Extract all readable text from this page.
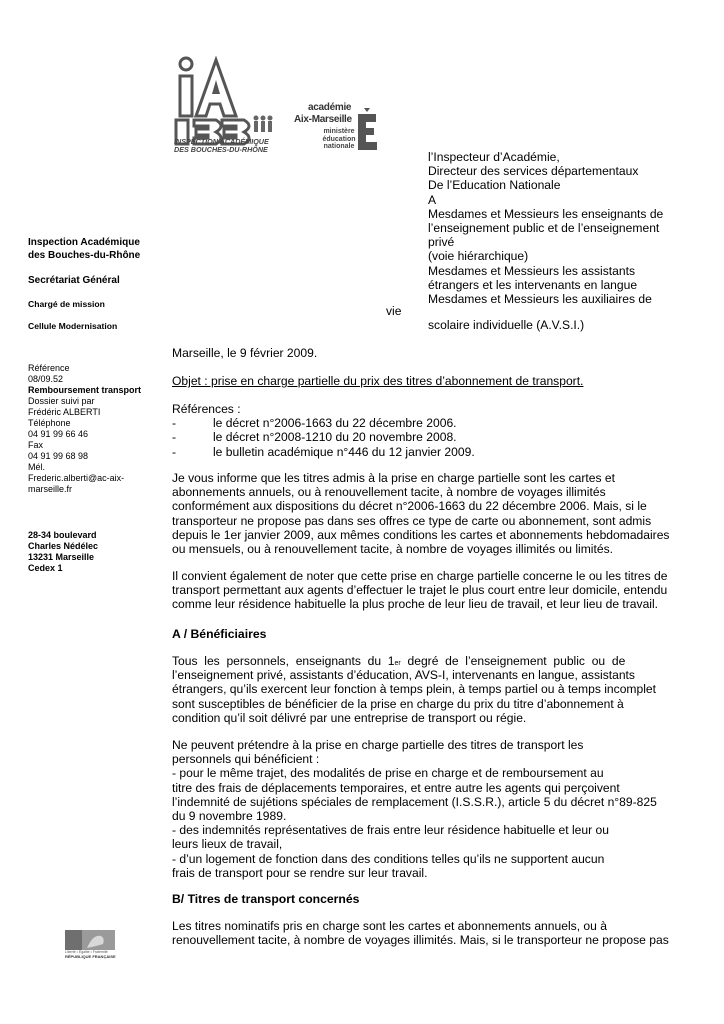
INSPECTION ACADÉMIQUE DES BOUCHES-DU-RHÔNE
académie
Aix-Marseille
ministère éducation nationale
Liberté • Égalité • Fraternité
RÉPUBLIQUE FRANÇAISE
l’Inspecteur d’Académie,
Directeur des services départementaux
De l’Education Nationale
A
Mesdames et Messieurs les enseignants de
l’enseignement public et de l’enseignement
privé
(voie hiérarchique)
Mesdames et Messieurs les assistants
étrangers et les intervenants en langue
Mesdames et Messieurs les auxiliaires de
vie
scolaire individuelle (A.V.S.I.)
Inspection Académique
des Bouches-du-Rhône
Secrétariat Général
Chargé de mission
Cellule Modernisation
Référence
08/09.52
Remboursement transport
Dossier suivi par
Frédéric ALBERTI
Téléphone
04 91 99 66 46
Fax
04 91 99 68 98
Mél.
Frederic.alberti@ac-aix-
marseille.fr
28-34 boulevard
Charles Nédélec
13231 Marseille
Cedex 1
Marseille, le 9 février 2009.
Objet : prise en charge partielle du prix des titres d’abonnement de transport.
Références :
-	le décret n°2006-1663 du 22 décembre 2006.
-	le décret n°2008-1210 du 20 novembre 2008.
-	le bulletin académique n°446 du 12 janvier 2009.
Je vous informe que les titres admis à la prise en charge partielle sont les cartes et
abonnements annuels, ou à renouvellement tacite, à nombre de voyages illimités
conformément aux dispositions du décret n°2006-1663 du 22 décembre 2006. Mais, si le
transporteur ne propose pas dans ses offres ce type de carte ou abonnement, sont admis
depuis le 1er janvier 2009, aux mêmes conditions les cartes et abonnements hebdomadaires
ou mensuels, ou à renouvellement tacite, à nombre de voyages illimités ou limités.
Il convient également de noter que cette prise en charge partielle concerne le ou les titres de
transport permettant aux agents d’effectuer le trajet le plus court entre leur domicile, entendu
comme leur résidence habituelle la plus proche de leur lieu de travail, et leur lieu de travail.
A / Bénéficiaires
Tous  les  personnels,  enseignants  du  1 er degré  de  l’enseignement  public  ou  de
l’enseignement privé, assistants d’éducation, AVS-I, intervenants en langue, assistants
étrangers, qu’ils exercent leur fonction à temps plein, à temps partiel ou à temps incomplet
sont susceptibles de bénéficier de la prise en charge du prix du titre d’abonnement à
condition qu’il soit délivré par une entreprise de transport ou régie.
Ne peuvent prétendre à la prise en charge partielle des titres de transport les
personnels qui bénéficient :
- pour le même trajet, des modalités de prise en charge et de remboursement au
titre des frais de déplacements temporaires, et entre autre les agents qui perçoivent
l’indemnité de sujétions spéciales de remplacement (I.S.S.R.), article 5 du décret n°89-825
du 9 novembre 1989.
- des indemnités représentatives de frais entre leur résidence habituelle et leur ou
leurs lieux de travail,
- d’un logement de fonction dans des conditions telles qu’ils ne supportent aucun
frais de transport pour se rendre sur leur travail.
B/ Titres de transport concernés
Les titres nominatifs pris en charge sont les cartes et abonnements annuels, ou à
renouvellement tacite, à nombre de voyages illimités. Mais, si le transporteur ne propose pas
